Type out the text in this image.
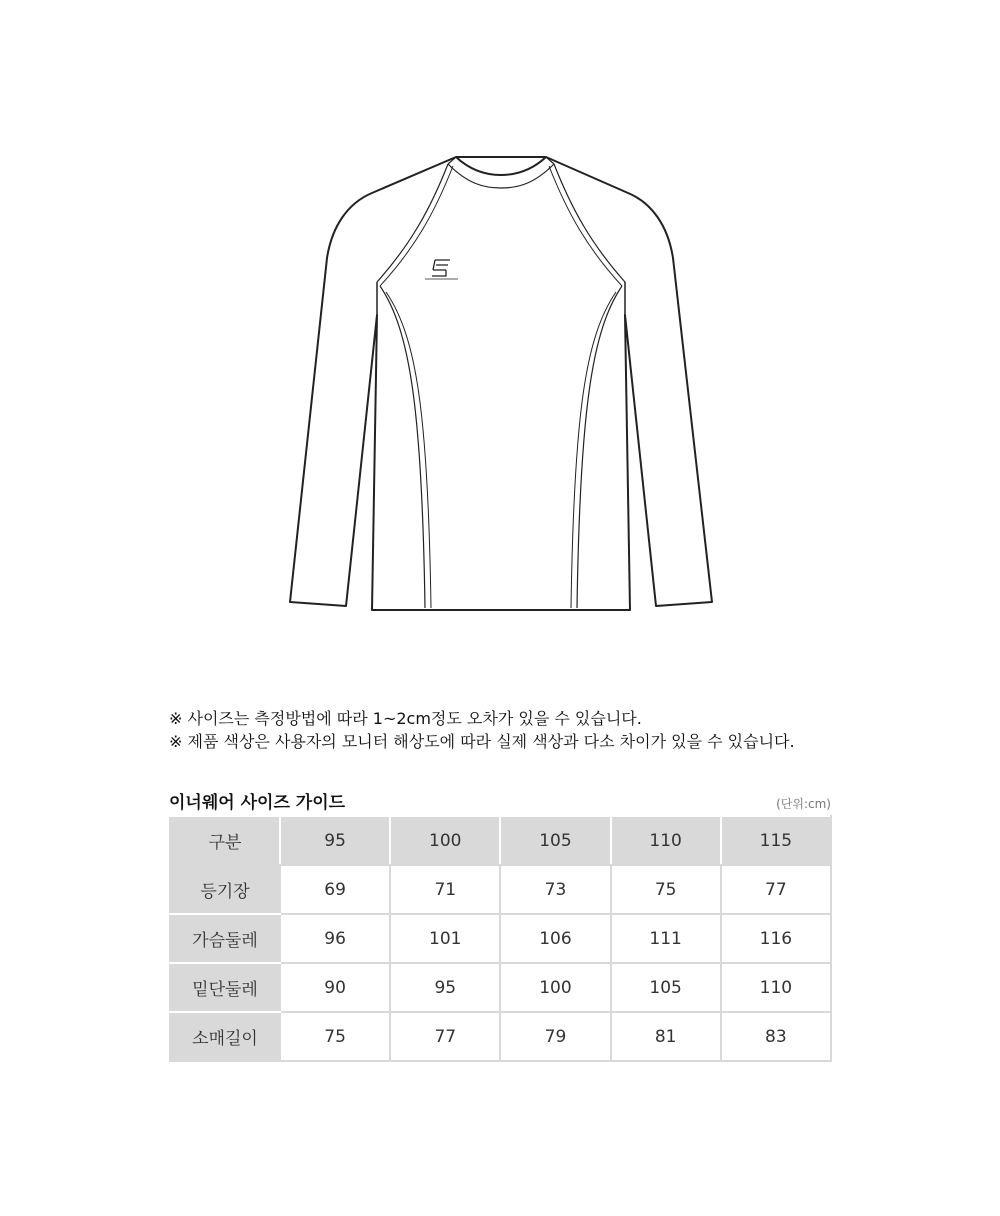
※ 사이즈는 측정방법에 따라 1~2cm정도 오차가 있을 수 있습니다.
※ 제품 색상은 사용자의 모니터 해상도에 따라 실제 색상과 다소 차이가 있을 수 있습니다.
이너웨어 사이즈 가이드	(단위:cm)
구분	95	100	105	110	115
등기장	69	71	73	75	77
가슴둘레	96	101	106	111	116
밑단둘레	90	95	100	105	110
소매길이	75	77	79	81	83
